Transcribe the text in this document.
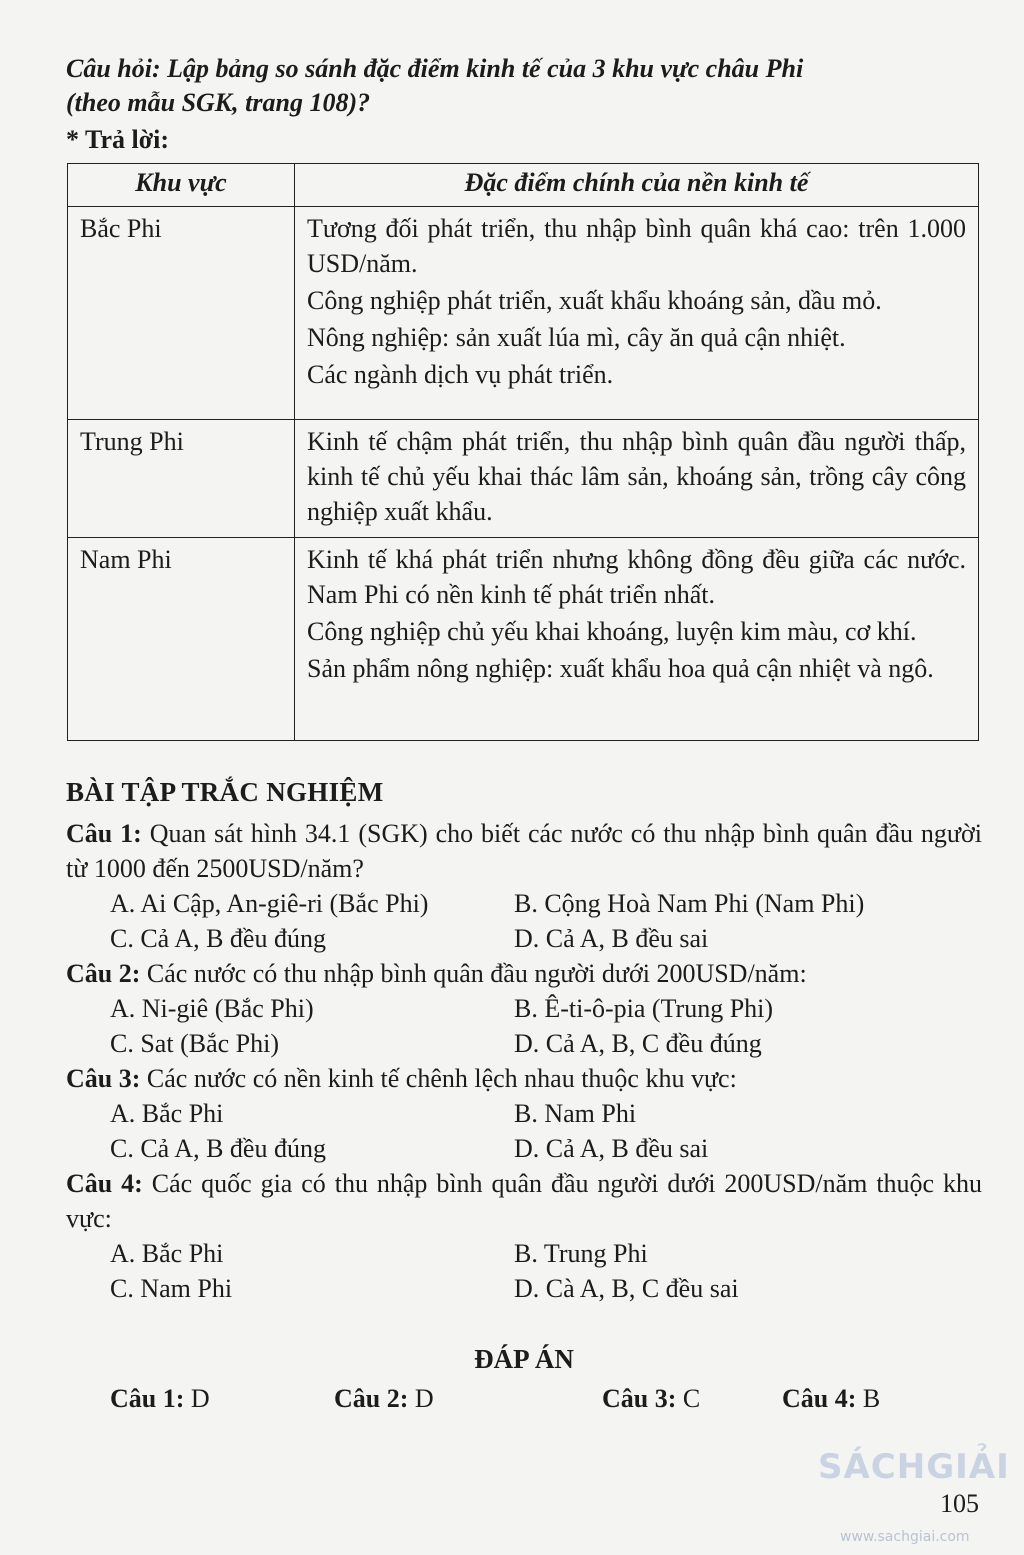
Câu hỏi: Lập bảng so sánh đặc điểm kinh tế của 3 khu vực châu Phi
(theo mẫu SGK, trang 108)?
* Trả lời:
Khu vực	Đặc điểm chính của nền kinh tế
Bắc Phi	Tương đối phát triển, thu nhập bình quân khá cao: trên 1.000 USD/năm.
Công nghiệp phát triển, xuất khẩu khoáng sản, dầu mỏ.
Nông nghiệp: sản xuất lúa mì, cây ăn quả cận nhiệt.
Các ngành dịch vụ phát triển.

Trung Phi	Kinh tế chậm phát triển, thu nhập bình quân đầu người thấp, kinh tế chủ yếu khai thác lâm sản, khoáng sản, trồng cây công nghiệp xuất khẩu.

Nam Phi	Kinh tế khá phát triển nhưng không đồng đều giữa các nước. Nam Phi có nền kinh tế phát triển nhất.
Công nghiệp chủ yếu khai khoáng, luyện kim màu, cơ khí.
Sản phẩm nông nghiệp: xuất khẩu hoa quả cận nhiệt và ngô.
BÀI TẬP TRẮC NGHIỆM
Câu 1: Quan sát hình 34.1 (SGK) cho biết các nước có thu nhập bình quân đầu người từ 1000 đến 2500USD/năm?
A. Ai Cập, An-giê-ri (Bắc Phi)	B. Cộng Hoà Nam Phi (Nam Phi)
C. Cả A, B đều đúng	D. Cả A, B đều sai
Câu 2: Các nước có thu nhập bình quân đầu người dưới 200USD/năm:
A. Ni-giê (Bắc Phi)	B. Ê-ti-ô-pia (Trung Phi)
C. Sat (Bắc Phi)	D. Cả A, B, C đều đúng
Câu 3: Các nước có nền kinh tế chênh lệch nhau thuộc khu vực:
A. Bắc Phi	B. Nam Phi
C. Cả A, B đều đúng	D. Cả A, B đều sai
Câu 4: Các quốc gia có thu nhập bình quân đầu người dưới 200USD/năm thuộc khu vực:
A. Bắc Phi	B. Trung Phi
C. Nam Phi	D. Cà A, B, C đều sai
ĐÁP ÁN
Câu 1: D	Câu 2: D	Câu 3: C	Câu 4: B
SÁCHGIẢI
www.sachgiai.com
105
